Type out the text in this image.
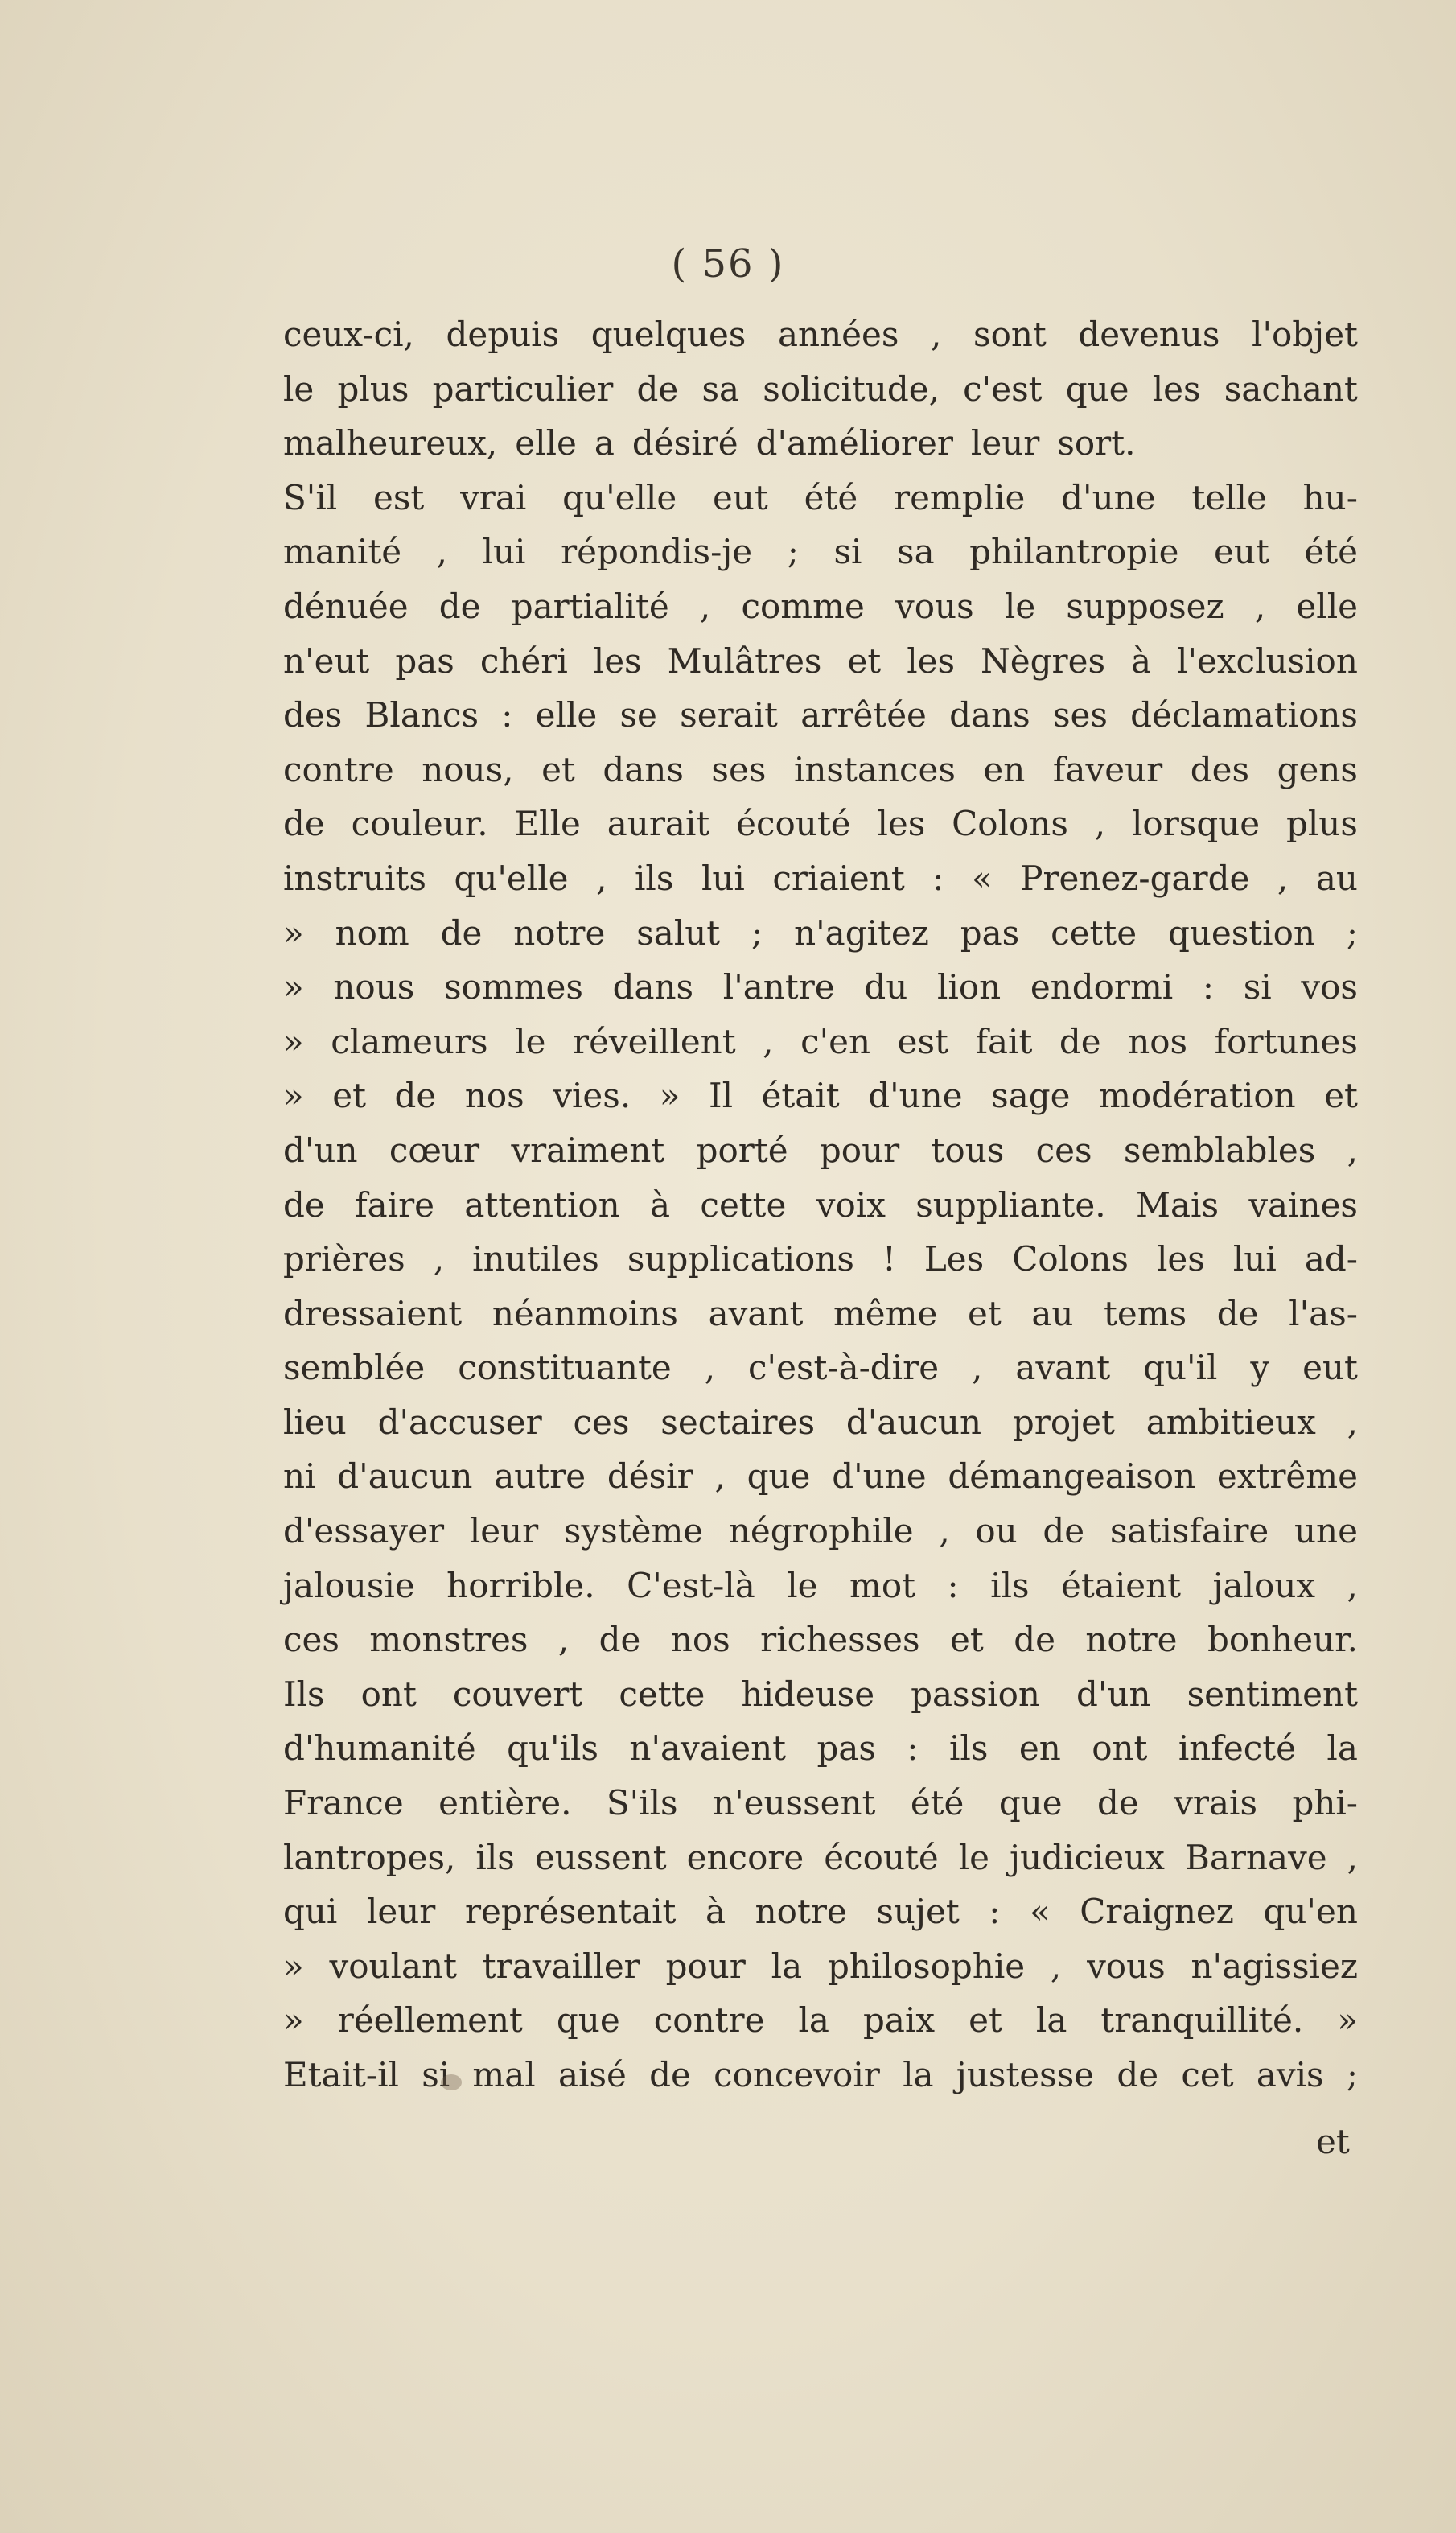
( 56 )
ceux-ci, depuis quelques années , sont devenus l'objet
le plus particulier de sa solicitude, c'est que les sachant
malheureux, elle a désiré d'améliorer leur sort.
S'il est vrai qu'elle eut été remplie d'une telle hu-
manité , lui répondis-je ; si sa philantropie eut été
dénuée de partialité , comme vous le supposez , elle
n'eut pas chéri les Mulâtres et les Nègres à l'exclusion
des Blancs : elle se serait arrêtée dans ses déclamations
contre nous, et dans ses instances en faveur des gens
de couleur. Elle aurait écouté les Colons , lorsque plus
instruits qu'elle , ils lui criaient : « Prenez-garde , au
» nom de notre salut ; n'agitez pas cette question ;
» nous sommes dans l'antre du lion endormi : si vos
» clameurs le réveillent , c'en est fait de nos fortunes
» et de nos vies. » Il était d'une sage modération et
d'un cœur vraiment porté pour tous ces semblables ,
de faire attention à cette voix suppliante. Mais vaines
prières , inutiles supplications ! Les Colons les lui ad-
dressaient néanmoins avant même et au tems de l'as-
semblée constituante , c'est-à-dire , avant qu'il y eut
lieu d'accuser ces sectaires d'aucun projet ambitieux ,
ni d'aucun autre désir , que d'une démangeaison extrême
d'essayer leur système négrophile , ou de satisfaire une
jalousie horrible. C'est-là le mot : ils étaient jaloux ,
ces monstres , de nos richesses et de notre bonheur.
Ils ont couvert cette hideuse passion d'un sentiment
d'humanité qu'ils n'avaient pas : ils en ont infecté la
France entière. S'ils n'eussent été que de vrais phi-
lantropes, ils eussent encore écouté le judicieux Barnave ,
qui leur représentait à notre sujet : « Craignez qu'en
» voulant travailler pour la philosophie , vous n'agissiez
» réellement que contre la paix et la tranquillité. »
Etait-il si mal aisé de concevoir la justesse de cet avis ;
et
